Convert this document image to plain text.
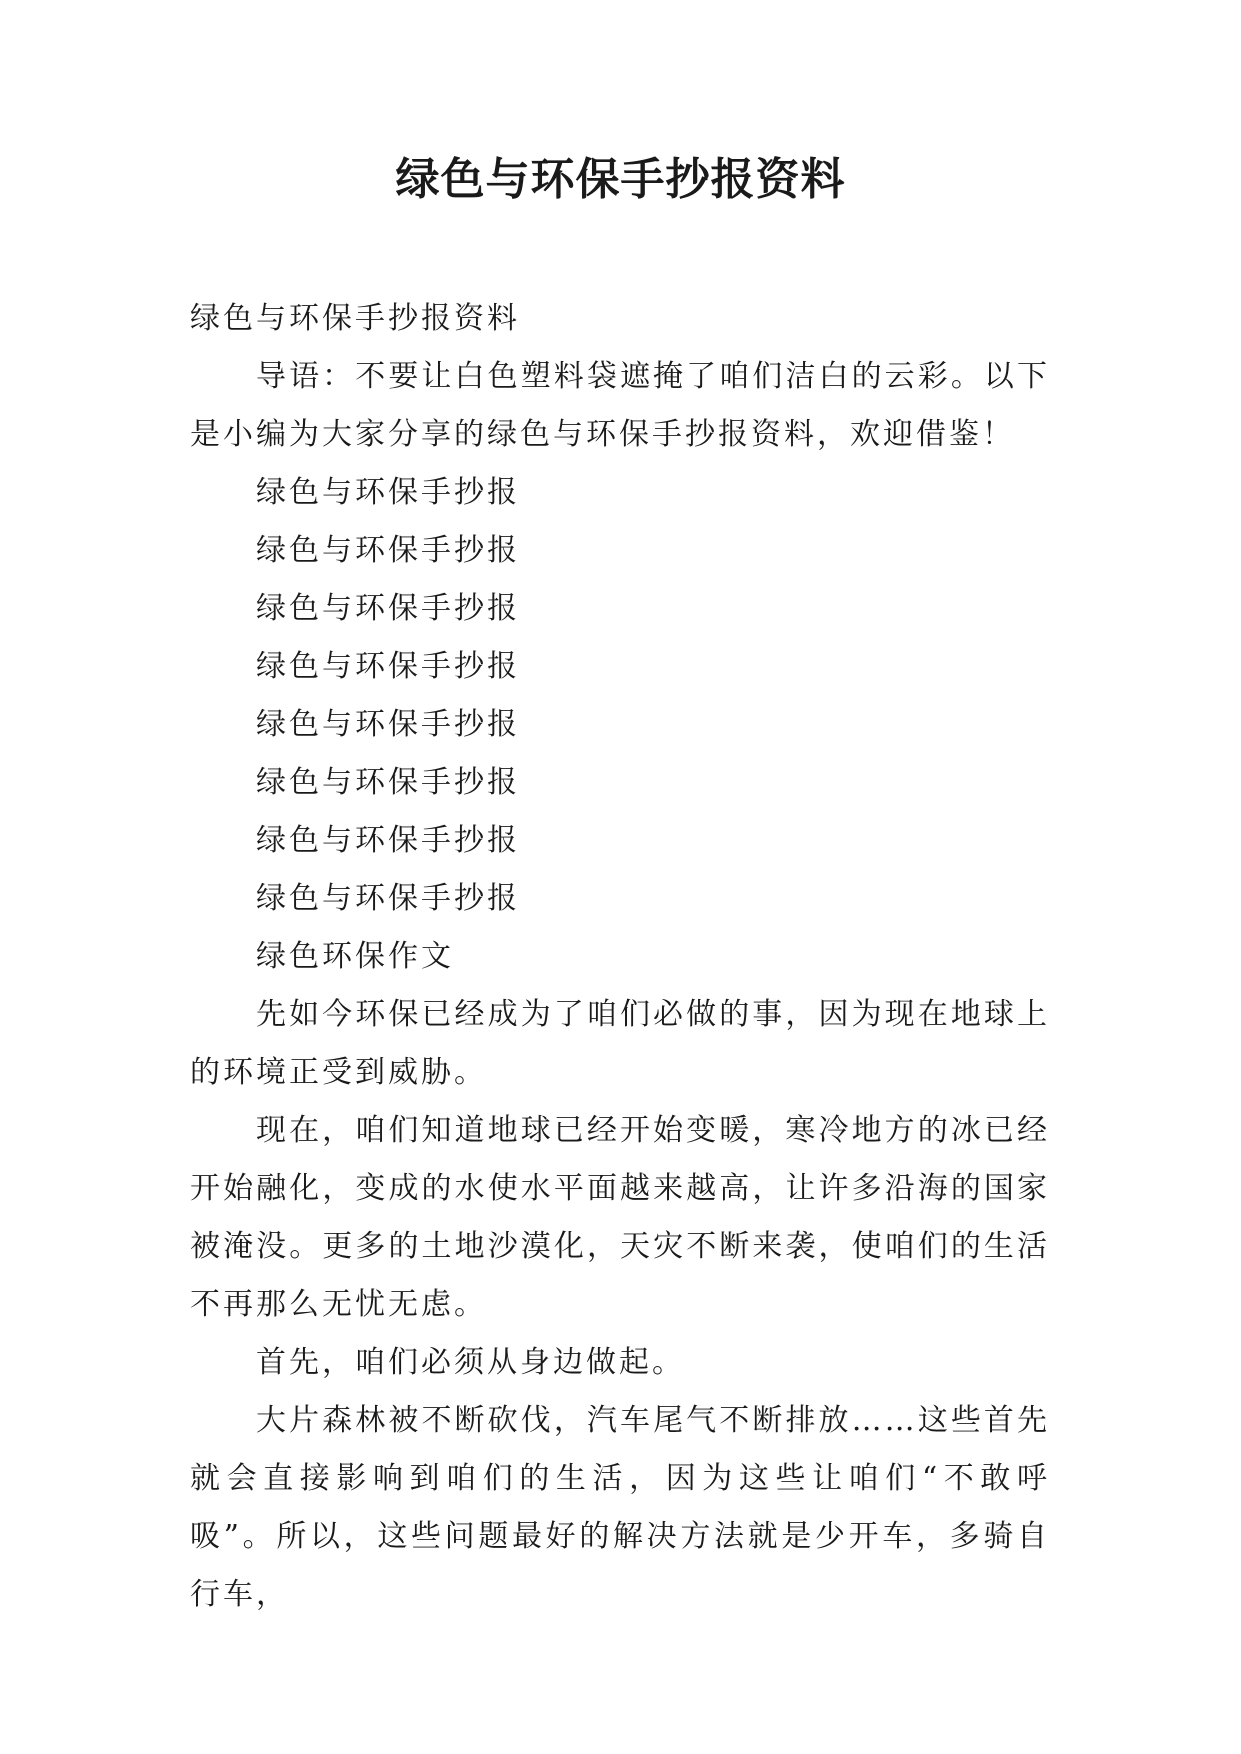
绿色与环保手抄报资料

绿色与环保手抄报资料

导语：不要让白色塑料袋遮掩了咱们洁白的云彩。以下是小编为大家分享的绿色与环保手抄报资料，欢迎借鉴！

绿色与环保手抄报

绿色与环保手抄报

绿色与环保手抄报

绿色与环保手抄报

绿色与环保手抄报

绿色与环保手抄报

绿色与环保手抄报

绿色与环保手抄报

绿色环保作文

先如今环保已经成为了咱们必做的事，因为现在地球上的环境正受到威胁。

现在，咱们知道地球已经开始变暖，寒冷地方的冰已经开始融化，变成的水使水平面越来越高，让许多沿海的国家被淹没。更多的土地沙漠化，天灾不断来袭，使咱们的生活不再那么无忧无虑。

首先，咱们必须从身边做起。

大片森林被不断砍伐，汽车尾气不断排放……这些首先就会直接影响到咱们的生活，因为这些让咱们“不敢呼吸”。所以，这些问题最好的解决方法就是少开车，多骑自行车，
